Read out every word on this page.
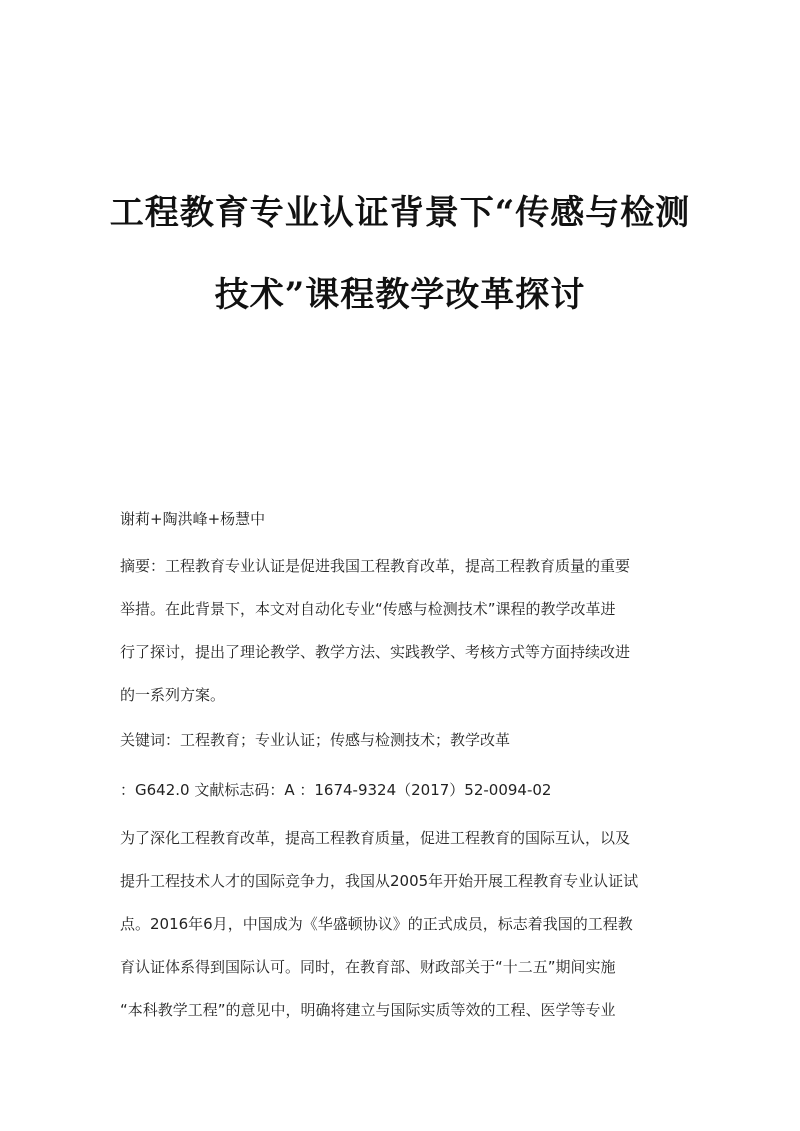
工程教育专业认证背景下“传感与检测
技术”课程教学改革探讨
谢莉+陶洪峰+杨慧中
摘要：工程教育专业认证是促进我国工程教育改革，提高工程教育质量的重要
举措。在此背景下，本文对自动化专业“传感与检测技术”课程的教学改革进
行了探讨，提出了理论教学、教学方法、实践教学、考核方式等方面持续改进
的一系列方案。
关键词：工程教育；专业认证；传感与检测技术；教学改革
：G642.0 文献标志码：A ：1674-9324（2017）52-0094-02
为了深化工程教育改革，提高工程教育质量，促进工程教育的国际互认，以及
提升工程技术人才的国际竞争力，我国从2005年开始开展工程教育专业认证试
点。2016年6月，中国成为《华盛顿协议》的正式成员，标志着我国的工程教
育认证体系得到国际认可。同时，在教育部、财政部关于“十二五”期间实施
“本科教学工程”的意见中，明确将建立与国际实质等效的工程、医学等专业
